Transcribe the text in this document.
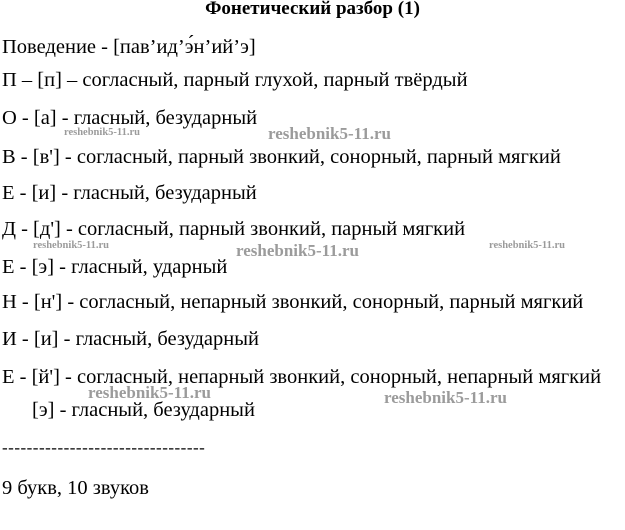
Фонетический разбор (1)
Поведение - [пав’ид’э́н’ий’э]
П – [п] – согласный, парный глухой, парный твёрдый
О - [а] - гласный, безударный
В - [в'] - согласный, парный звонкий, сонорный, парный мягкий
Е - [и] - гласный, безударный
Д - [д'] - согласный, парный звонкий, парный мягкий
Е - [э] - гласный, ударный
Н - [н'] - согласный, непарный звонкий, сонорный, парный мягкий
И - [и] - гласный, безударный
Е - [й'] - согласный, непарный звонкий, сонорный, непарный мягкий
[э] - гласный, безударный
---------------------------------
9 букв, 10 звуков
reshebnik5-11.ru	reshebnik5-11.ru
reshebnik5-11.ru	reshebnik5-11.ru	reshebnik5-11.ru
reshebnik5-11.ru	reshebnik5-11.ru
